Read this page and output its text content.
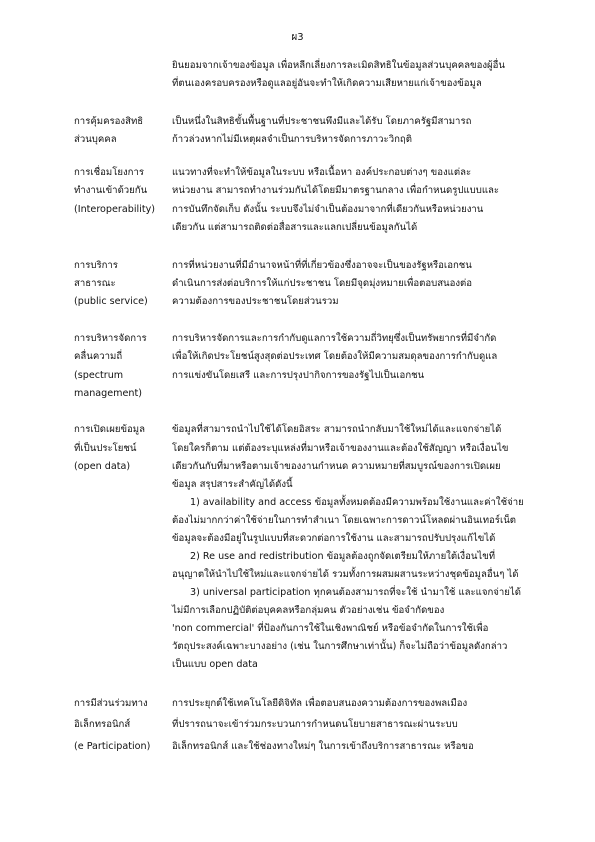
ผ3
ยินยอมจากเจ้าของข้อมูล เพื่อหลีกเลี่ยงการละเมิดสิทธิในข้อมูลส่วนบุคคลของผู้อื่น
ที่ตนเองครอบครองหรือดูแลอยู่อันจะทำให้เกิดความเสียหายแก่เจ้าของข้อมูล
การคุ้มครองสิทธิ
ส่วนบุคคล
เป็นหนึ่งในสิทธิขั้นพื้นฐานที่ประชาชนพึงมีและได้รับ โดยภาครัฐมีสามารถ
ก้าวล่วงหากไม่มีเหตุผลจำเป็นการบริหารจัดการภาวะวิกฤติ
การเชื่อมโยงการ
ทำงานเข้าด้วยกัน
(Interoperability)
แนวทางที่จะทำให้ข้อมูลในระบบ หรือเนื้อหา องค์ประกอบต่างๆ ของแต่ละ
หน่วยงาน สามารถทำงานร่วมกันได้โดยมีมาตรฐานกลาง เพื่อกำหนดรูปแบบและ
การบันทึกจัดเก็บ ดังนั้น ระบบจึงไม่จำเป็นต้องมาจากที่เดียวกันหรือหน่วยงาน
เดียวกัน แต่สามารถติดต่อสื่อสารและแลกเปลี่ยนข้อมูลกันได้
การบริการ
สาธารณะ
(public service)
การที่หน่วยงานที่มีอำนาจหน้าที่ที่เกี่ยวข้องซึ่งอาจจะเป็นของรัฐหรือเอกชน
ดำเนินการส่งต่อบริการให้แก่ประชาชน โดยมีจุดมุ่งหมายเพื่อตอบสนองต่อ
ความต้องการของประชาชนโดยส่วนรวม
การบริหารจัดการ
คลื่นความถี่
(spectrum
management)
การบริหารจัดการและการกำกับดูแลการใช้ความถี่วิทยุซึ่งเป็นทรัพยากรที่มีจำกัด
เพื่อให้เกิดประโยชน์สูงสุดต่อประเทศ โดยต้องให้มีความสมดุลของการกำกับดูแล
การแข่งขันโดยเสรี และการปรุงปากิจการของรัฐไปเป็นเอกชน
การเปิดเผยข้อมูล
ที่เป็นประโยชน์
(open data)
ข้อมูลที่สามารถนำไปใช้ได้โดยอิสระ สามารถนำกลับมาใช้ใหม่ได้และแจกจ่ายได้
โดยใครก็ตาม แต่ต้องระบุแหล่งที่มาหรือเจ้าของงานและต้องใช้สัญญา หรือเงื่อนไข
เดียวกันกับที่มาหรือตามเจ้าของงานกำหนด ความหมายที่สมบูรณ์ของการเปิดเผย
ข้อมูล สรุปสาระสำคัญได้ดังนี้
1) availability and access ข้อมูลทั้งหมดต้องมีความพร้อมใช้งานและค่าใช้จ่าย
ต้องไม่มากกว่าค่าใช้จ่ายในการทำสำเนา โดยเฉพาะการดาวน์โหลดผ่านอินเทอร์เน็ต
ข้อมูลจะต้องมีอยู่ในรูปแบบที่สะดวกต่อการใช้งาน และสามารถปรับปรุงแก้ไขได้
2) Re use and redistribution ข้อมูลต้องถูกจัดเตรียมให้ภายใต้เงื่อนไขที่
อนุญาตให้นำไปใช้ใหม่และแจกจ่ายได้ รวมทั้งการผสมผสานระหว่างชุดข้อมูลอื่นๆ ได้
3) universal participation ทุกคนต้องสามารถที่จะใช้ นำมาใช้ และแจกจ่ายได้
ไม่มีการเลือกปฏิบัติต่อบุคคลหรือกลุ่มคน ตัวอย่างเช่น ข้อจำกัดของ
'non commercial' ที่ป้องกันการใช้ในเชิงพาณิชย์ หรือข้อจำกัดในการใช้เพื่อ
วัตถุประสงค์เฉพาะบางอย่าง (เช่น ในการศึกษาเท่านั้น) ก็จะไม่ถือว่าข้อมูลดังกล่าว
เป็นแบบ open data
การมีส่วนร่วมทาง
อิเล็กทรอนิกส์
(e Participation)
การประยุกต์ใช้เทคโนโลยีดิจิทัล เพื่อตอบสนองความต้องการของพลเมือง
ที่ปรารถนาจะเข้าร่วมกระบวนการกำหนดนโยบายสาธารณะผ่านระบบ
อิเล็กทรอนิกส์ และใช้ช่องทางใหม่ๆ ในการเข้าถึงบริการสาธารณะ หรือขอ
